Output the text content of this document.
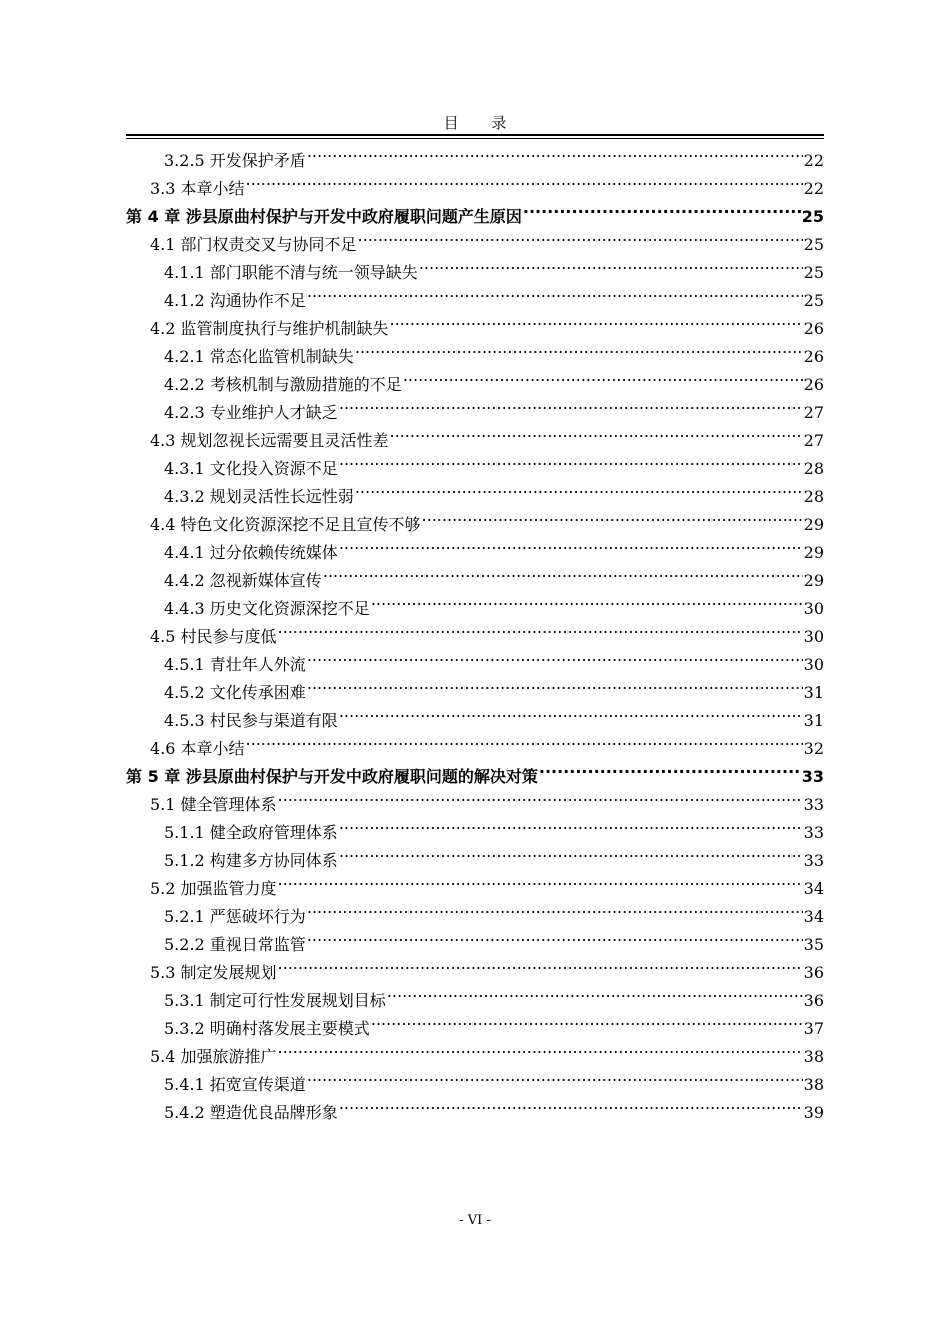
目 录
3.2.5 开发保护矛盾 .....	22
3.3 本章小结 .....	22
第 4 章 涉县原曲村保护与开发中政府履职问题产生原因 .....	25
4.1 部门权责交叉与协同不足 .....	25
4.1.1 部门职能不清与统一领导缺失 .....	25
4.1.2 沟通协作不足 .....	25
4.2 监管制度执行与维护机制缺失 .....	26
4.2.1 常态化监管机制缺失 .....	26
4.2.2 考核机制与激励措施的不足 .....	26
4.2.3 专业维护人才缺乏 .....	27
4.3 规划忽视长远需要且灵活性差 .....	27
4.3.1 文化投入资源不足 .....	28
4.3.2 规划灵活性长远性弱 .....	28
4.4 特色文化资源深挖不足且宣传不够 .....	29
4.4.1 过分依赖传统媒体 .....	29
4.4.2 忽视新媒体宣传 .....	29
4.4.3 历史文化资源深挖不足 .....	30
4.5 村民参与度低 .....	30
4.5.1 青壮年人外流 .....	30
4.5.2 文化传承困难 .....	31
4.5.3 村民参与渠道有限 .....	31
4.6 本章小结 .....	32
第 5 章 涉县原曲村保护与开发中政府履职问题的解决对策 .....	33
5.1 健全管理体系 .....	33
5.1.1 健全政府管理体系 .....	33
5.1.2 构建多方协同体系 .....	33
5.2 加强监管力度 .....	34
5.2.1 严惩破坏行为 .....	34
5.2.2 重视日常监管 .....	35
5.3 制定发展规划 .....	36
5.3.1 制定可行性发展规划目标 .....	36
5.3.2 明确村落发展主要模式 .....	37
5.4 加强旅游推广 .....	38
5.4.1 拓宽宣传渠道 .....	38
5.4.2 塑造优良品牌形象 .....	39
- VI -
